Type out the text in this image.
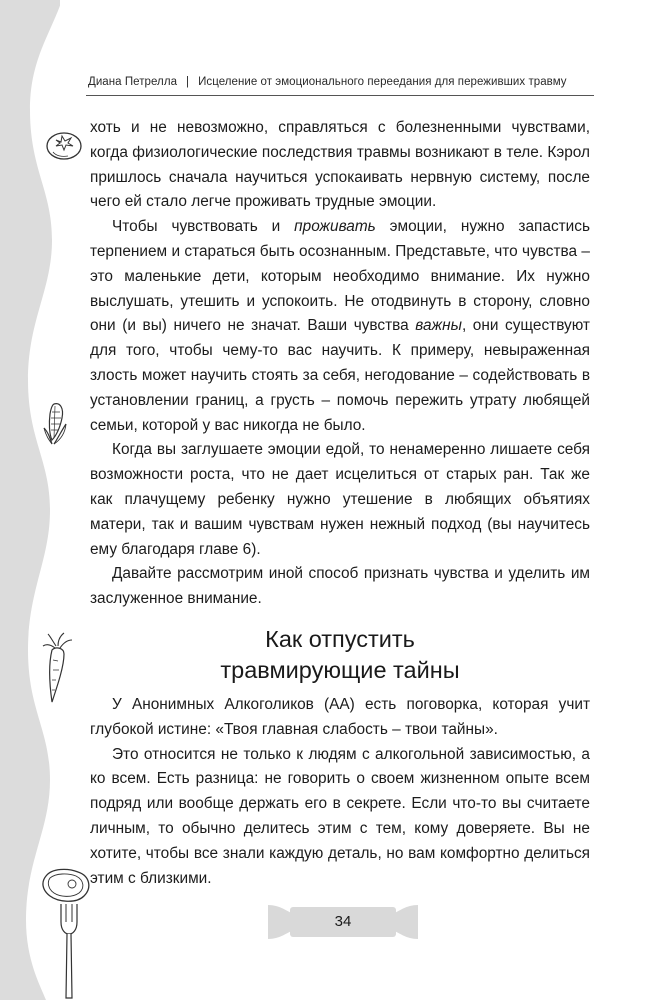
Диана Петрелла | Исцеление от эмоционального переедания для переживших травму

хоть и не невозможно, справляться с болезненными чувствами, когда физиологические последствия травмы возникают в теле. Кэрол пришлось сначала научиться успокаивать нервную систему, после чего ей стало легче проживать трудные эмоции.

Чтобы чувствовать и проживать эмоции, нужно запастись терпением и стараться быть осознанным. Представьте, что чувства – это маленькие дети, которым необходимо внимание. Их нужно выслушать, утешить и успокоить. Не отодвинуть в сторону, словно они (и вы) ничего не значат. Ваши чувства важны, они существуют для того, чтобы чему-то вас научить. К примеру, невыраженная злость может научить стоять за себя, негодование – содействовать в установлении границ, а грусть – помочь пережить утрату любящей семьи, которой у вас никогда не было.

Когда вы заглушаете эмоции едой, то ненамеренно лишаете себя возможности роста, что не дает исцелиться от старых ран. Так же как плачущему ребенку нужно утешение в любящих объятиях матери, так и вашим чувствам нужен нежный подход (вы научитесь ему благодаря главе 6).

Давайте рассмотрим иной способ признать чувства и уделить им заслуженное внимание.

Как отпустить
травмирующие тайны

У Анонимных Алкоголиков (АА) есть поговорка, которая учит глубокой истине: «Твоя главная слабость – твои тайны».

Это относится не только к людям с алкогольной зависимостью, а ко всем. Есть разница: не говорить о своем жизненном опыте всем подряд или вообще держать его в секрете. Если что-то вы считаете личным, то обычно делитесь этим с тем, кому доверяете. Вы не хотите, чтобы все знали каждую деталь, но вам комфортно делиться этим с близкими.

34
